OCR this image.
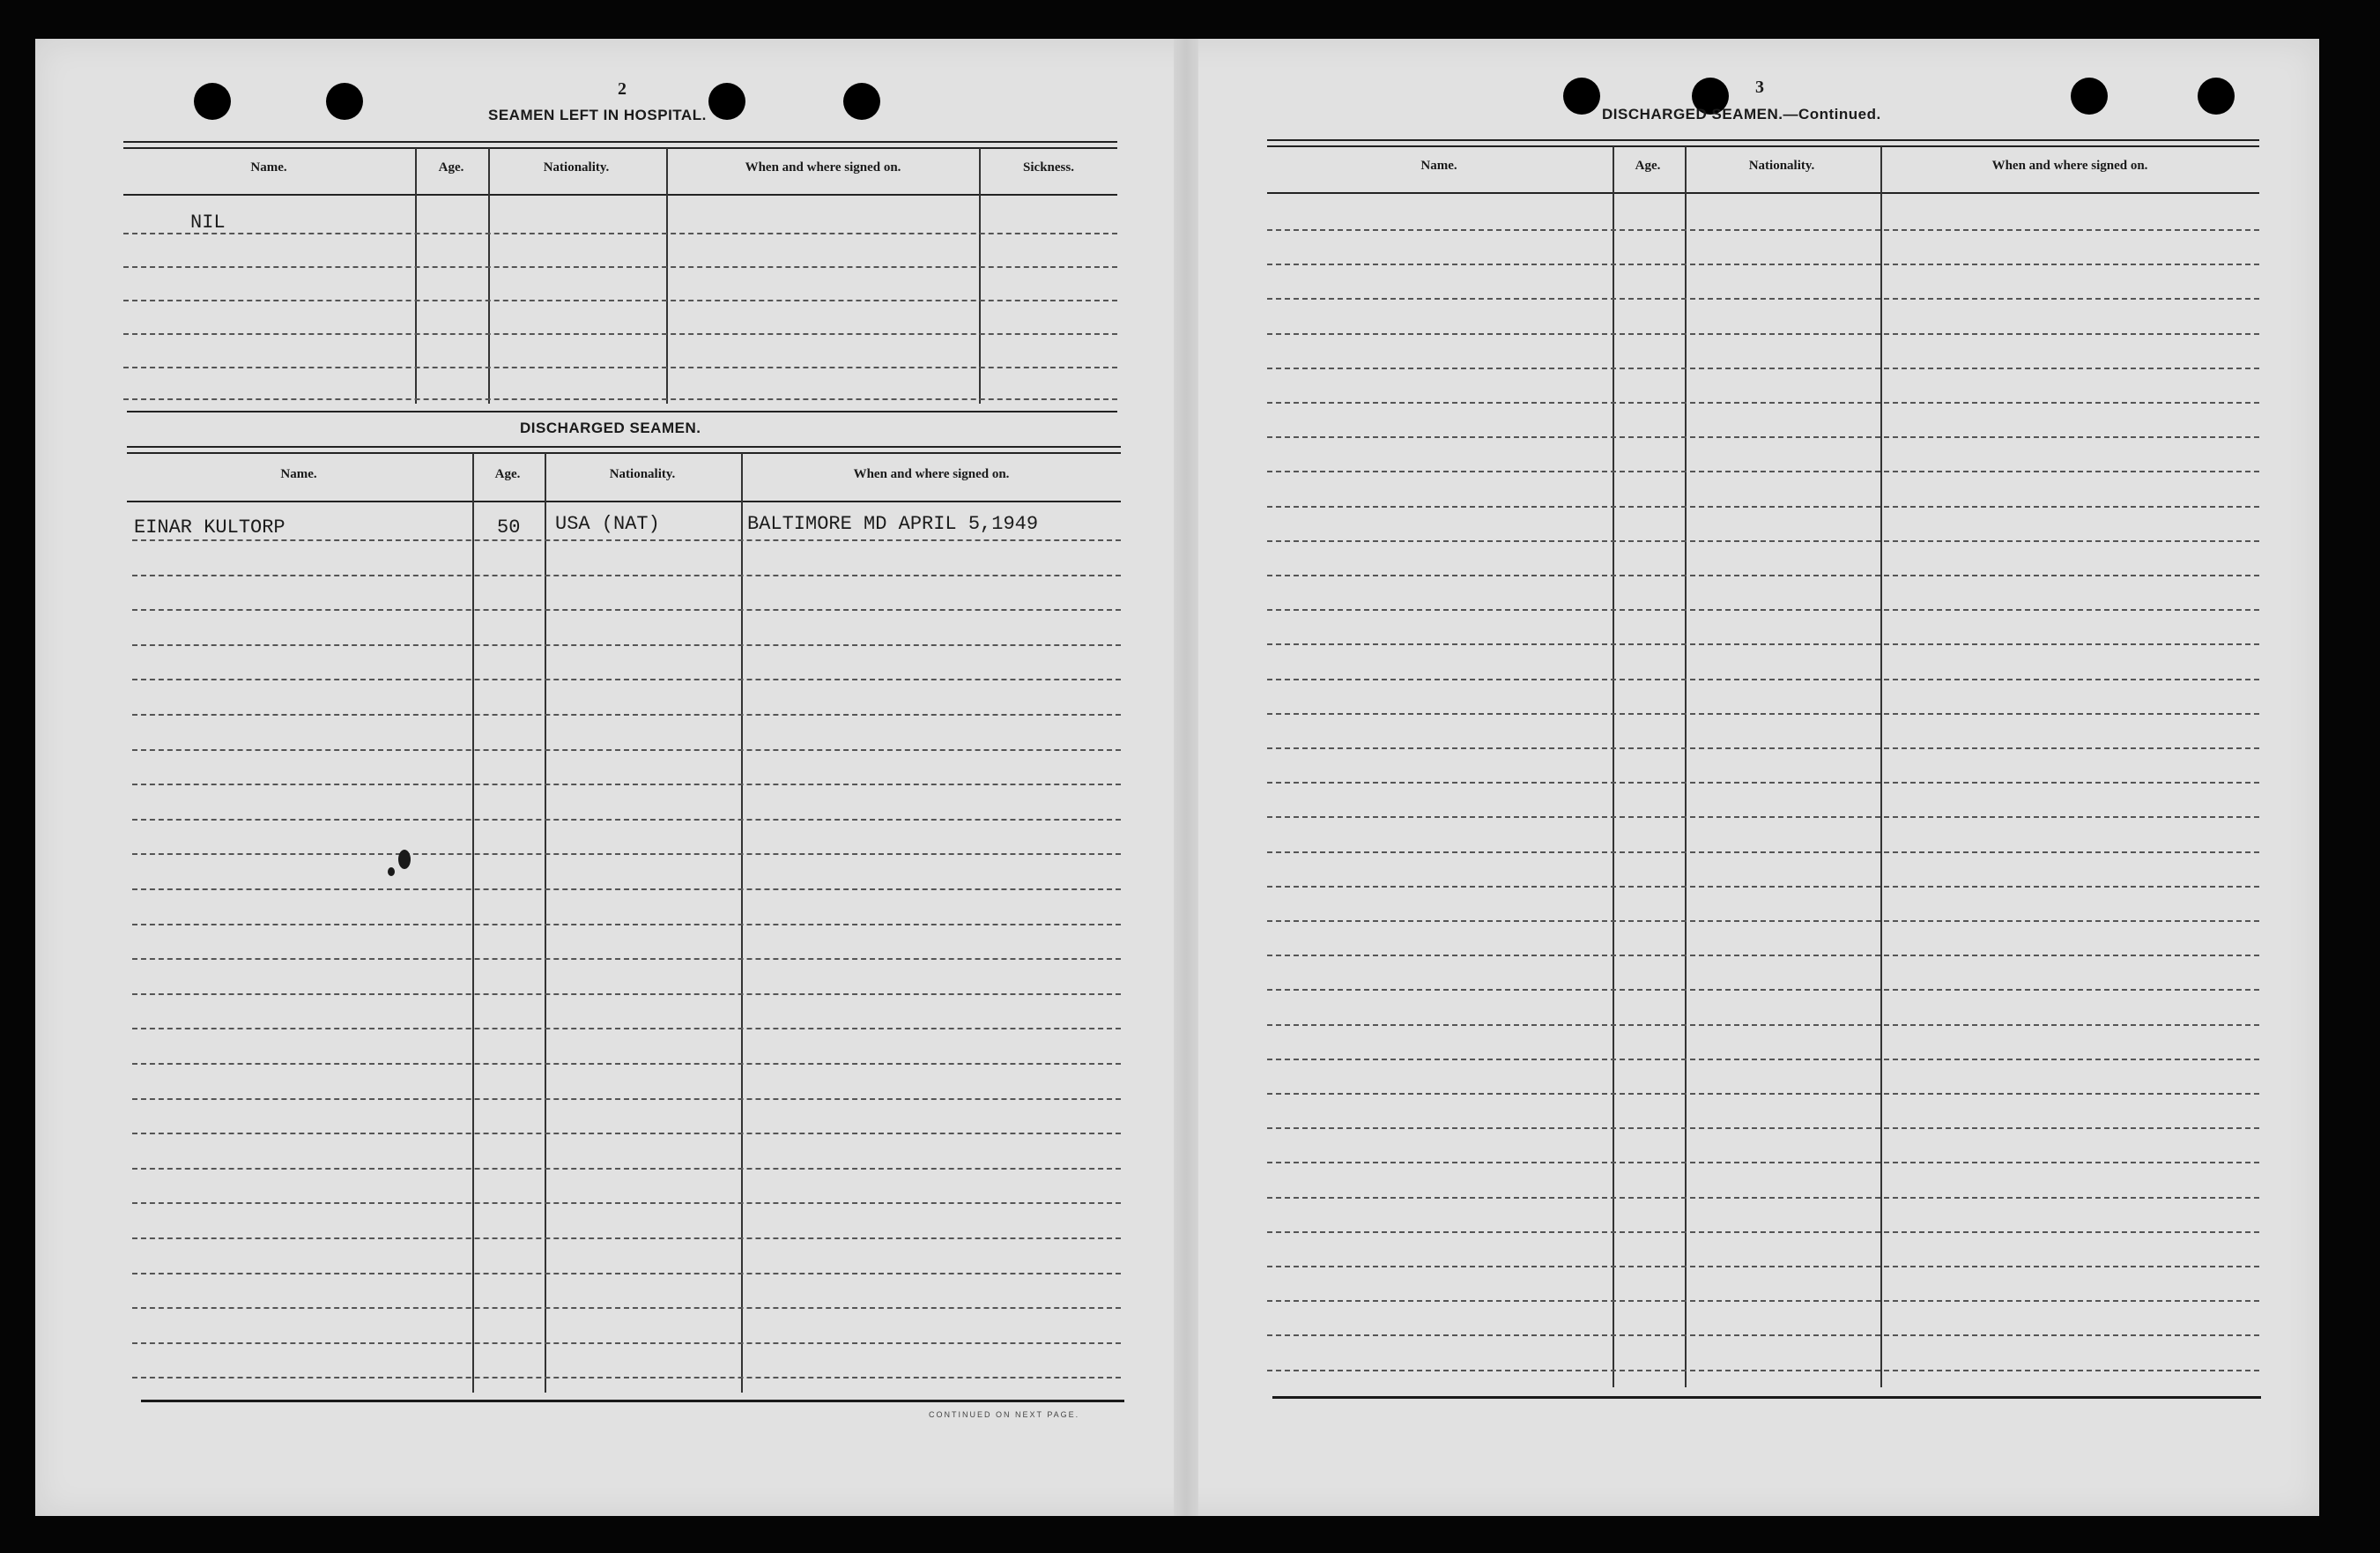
2
SEAMEN LEFT IN HOSPITAL.
Name.	Age.	Nationality.	When and where signed on.	Sickness.
NIL
DISCHARGED SEAMEN.
Name.	Age.	Nationality.	When and where signed on.
EINAR KULTORP	50 USA (NAT)	BALTIMORE MD APRIL 5,1949
CONTINUED ON NEXT PAGE.
3
DISCHARGED SEAMEN.—Continued.
Name.	Age.	Nationality.	When and where signed on.
